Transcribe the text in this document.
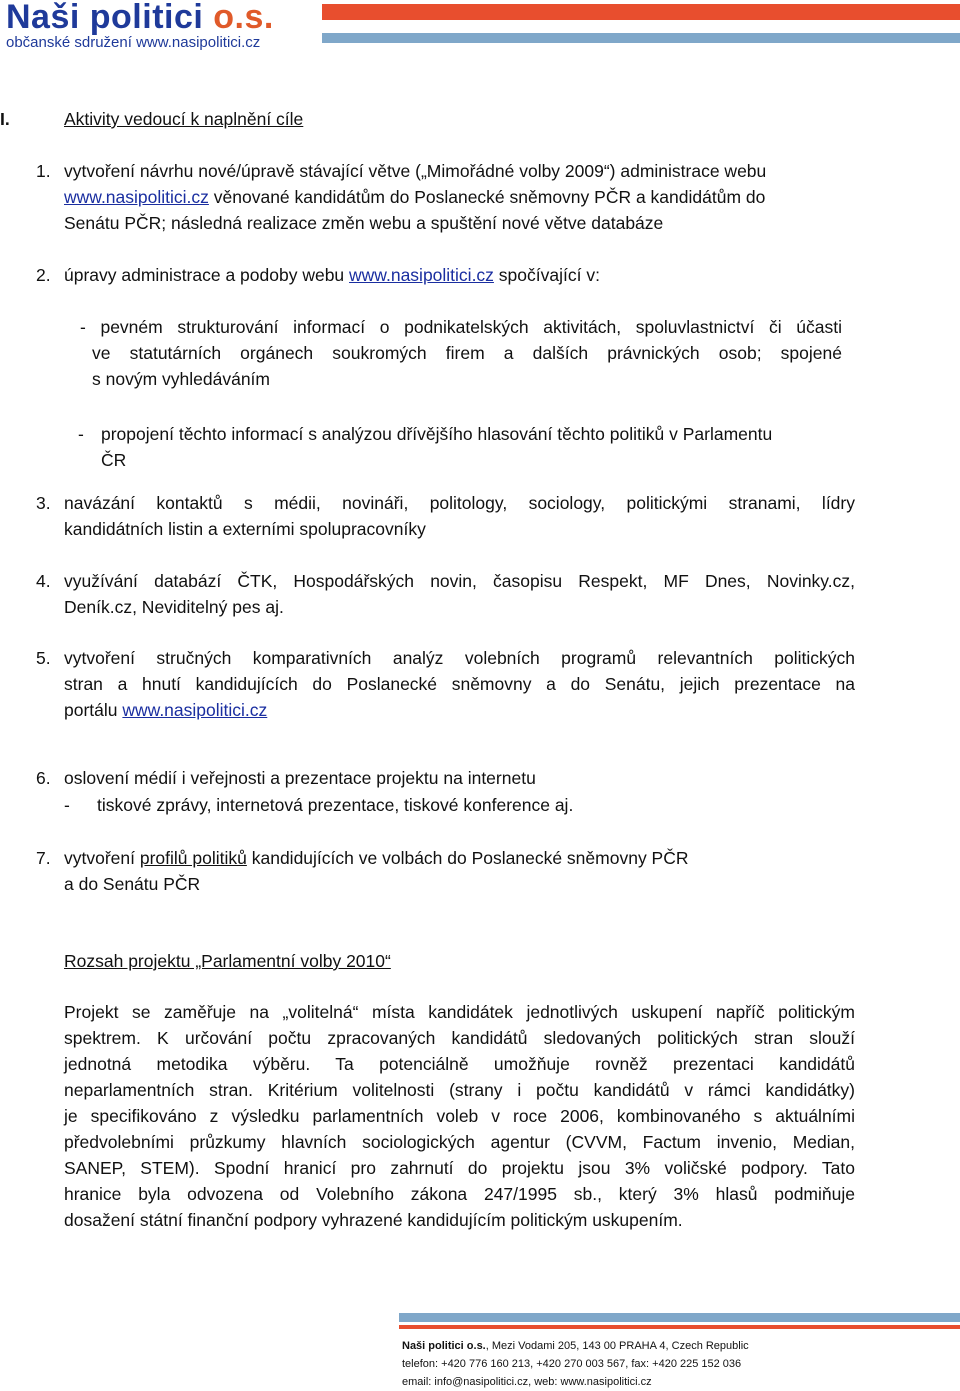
Naši politici o.s.
občanské sdružení www.nasipolitici.cz
I.	Aktivity vedoucí k naplnění cíle
1. vytvoření návrhu nové/úpravě stávající větve („Mimořádné volby 2009“) administrace webu
www.nasipolitici.cz věnované kandidátům do Poslanecké sněmovny PČR a kandidátům do
Senátu PČR; následná realizace změn webu a spuštění nové větve databáze
2. úpravy administrace a podoby webu www.nasipolitici.cz spočívající v:
- pevném strukturování informací o podnikatelských aktivitách, spoluvlastnictví či účasti
ve statutárních orgánech soukromých firem a dalších právnických osob; spojené
s novým vyhledáváním
- propojení těchto informací s analýzou dřívějšího hlasování těchto politiků v Parlamentu
ČR
3. navázání kontaktů s médii, novináři, politology, sociology, politickými stranami, lídry
kandidátních listin a externími spolupracovníky
4. využívání databází ČTK, Hospodářských novin, časopisu Respekt, MF Dnes, Novinky.cz,
Deník.cz, Neviditelný pes aj.
5. vytvoření stručných komparativních analýz volebních programů relevantních politických
stran a hnutí kandidujících do Poslanecké sněmovny a do Senátu, jejich prezentace na
portálu www.nasipolitici.cz
6. oslovení médií i veřejnosti a prezentace projektu na internetu
- tiskové zprávy, internetová prezentace, tiskové konference aj.
7. vytvoření profilů politiků kandidujících ve volbách do Poslanecké sněmovny PČR
a do Senátu PČR
Rozsah projektu „Parlamentní volby 2010“
Projekt se zaměřuje na „volitelná“ místa kandidátek jednotlivých uskupení napříč politickým
spektrem. K určování počtu zpracovaných kandidátů sledovaných politických stran slouží
jednotná metodika výběru. Ta potenciálně umožňuje rovněž prezentaci kandidátů
neparlamentních stran. Kritérium volitelnosti (strany i počtu kandidátů v rámci kandidátky)
je specifikováno z výsledku parlamentních voleb v roce 2006, kombinovaného s aktuálními
předvolebními průzkumy hlavních sociologických agentur (CVVM, Factum invenio, Median,
SANEP, STEM). Spodní hranicí pro zahrnutí do projektu jsou 3% voličské podpory. Tato
hranice byla odvozena od Volebního zákona 247/1995 sb., který 3% hlasů podmiňuje
dosažení státní finanční podpory vyhrazené kandidujícím politickým uskupením.
Naši politici o.s., Mezi Vodami 205, 143 00 PRAHA 4, Czech Republic
telefon: +420 776 160 213, +420 270 003 567, fax: +420 225 152 036
email: info@nasipolitici.cz, web: www.nasipolitici.cz
